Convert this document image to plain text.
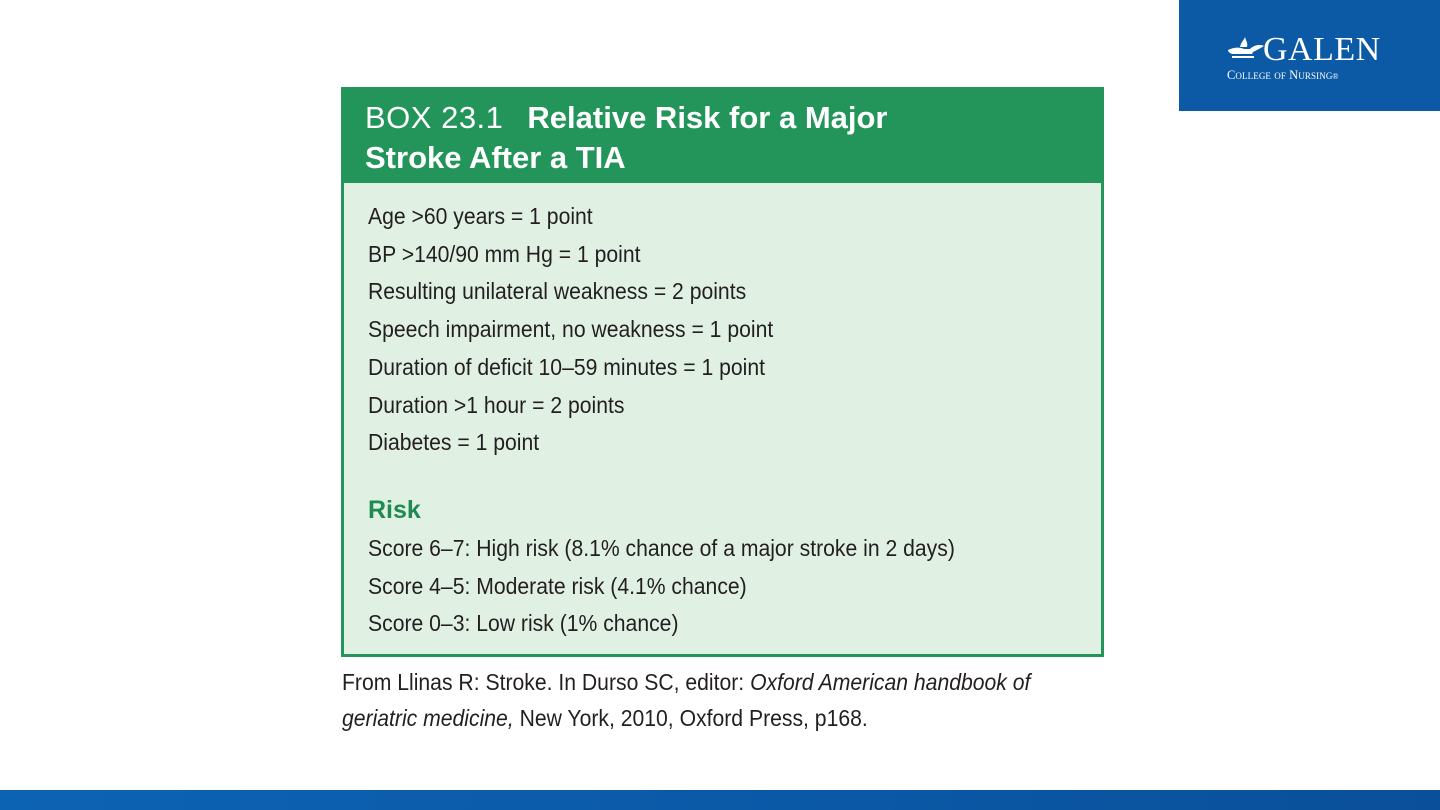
GALEN
College of Nursing®
BOX 23.1 Relative Risk for a Major
Stroke After a TIA
Age >60 years = 1 point
BP >140/90 mm Hg = 1 point
Resulting unilateral weakness = 2 points
Speech impairment, no weakness = 1 point
Duration of deficit 10–59 minutes = 1 point
Duration >1 hour = 2 points
Diabetes = 1 point
Risk
Score 6–7: High risk (8.1% chance of a major stroke in 2 days)
Score 4–5: Moderate risk (4.1% chance)
Score 0–3: Low risk (1% chance)
From Llinas R: Stroke. In Durso SC, editor: Oxford American handbook of
geriatric medicine, New York, 2010, Oxford Press, p168.
